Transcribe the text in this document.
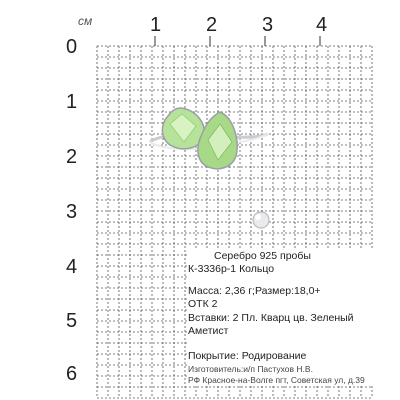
см	1 2 3 4
0
1
2
3
4
5
6
Серебро 925 пробы
К-3336р-1 Кольцо
Масса: 2,36 г;Размер:18,0+
ОТК 2
Вставки: 2 Пл. Кварц цв. Зеленый
Аметист
Покрытие: Родирование
Изготовитель:и/п Пастухов Н.В.
РФ Красное-на-Волге пгт, Советская ул, д.39
